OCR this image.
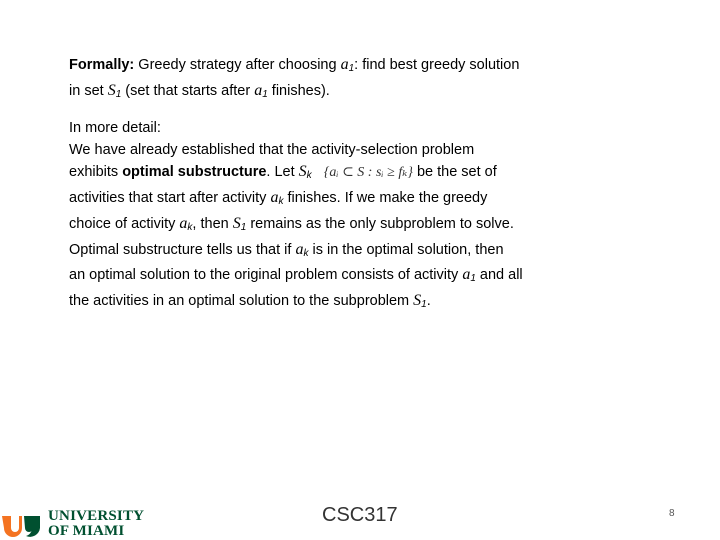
Formally: Greedy strategy after choosing $a_1$: find best greedy solution
in set $S_1$ (set that starts after $a_1$ finishes).
In more detail:
We have already established that the activity-selection problem
exhibits optimal substructure. Let $S_k$ {aᵢ ⊂ S : sᵢ ≥ fₖ} be the set of
activities that start after activity $a_k$ finishes. If we make the greedy
choice of activity $a_k$, then $S_1$ remains as the only subproblem to solve.
Optimal substructure tells us that if $a_k$ is in the optimal solution, then
an optimal solution to the original problem consists of activity $a_1$ and all
the activities in an optimal solution to the subproblem $S_1$.
UNIVERSITY
OF MIAMI
CSC317	8
